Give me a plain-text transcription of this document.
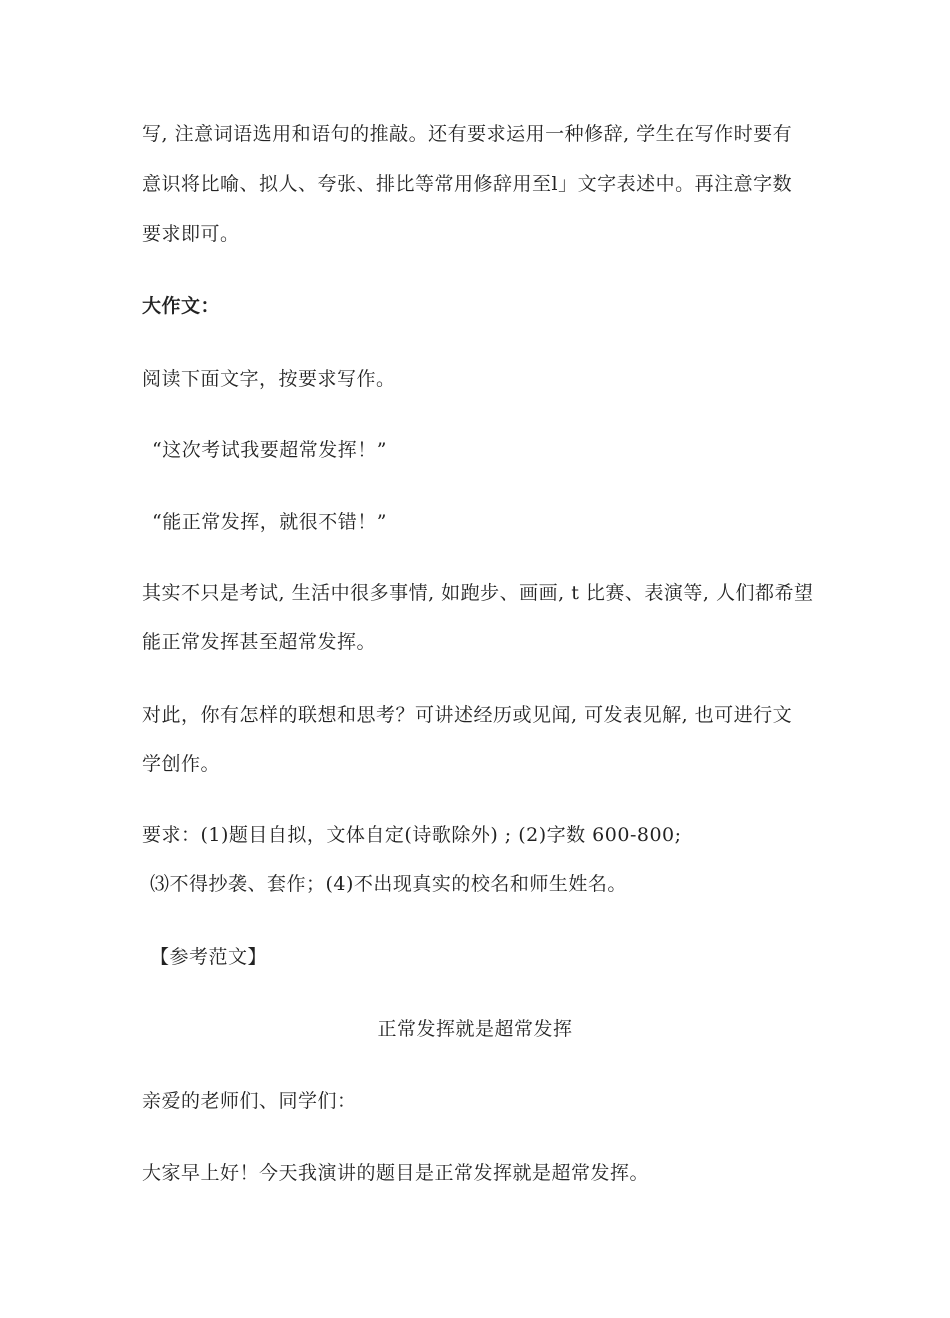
写, 注意词语选用和语句的推敲。还有要求运用一种修辞, 学生在写作时要有
意识将比喻、拟人、夸张、排比等常用修辞用至l」文字表述中。再注意字数
要求即可。
大作文：
阅读下面文字，按要求写作。
“这次考试我要超常发挥！”
“能正常发挥，就很不错！”
其实不只是考试, 生活中很多事情, 如跑步、画画, t 比赛、表演等, 人们都希望
能正常发挥甚至超常发挥。
对此，你有怎样的联想和思考？可讲述经历或见闻, 可发表见解, 也可进行文
学创作。
要求：(1)题目自拟，文体自定(诗歌除外) ; (2)字数 600-800;
⑶不得抄袭、套作；(4)不出现真实的校名和师生姓名。
【参考范文】
正常发挥就是超常发挥
亲爱的老师们、同学们：
大家早上好！今天我演讲的题目是正常发挥就是超常发挥。
